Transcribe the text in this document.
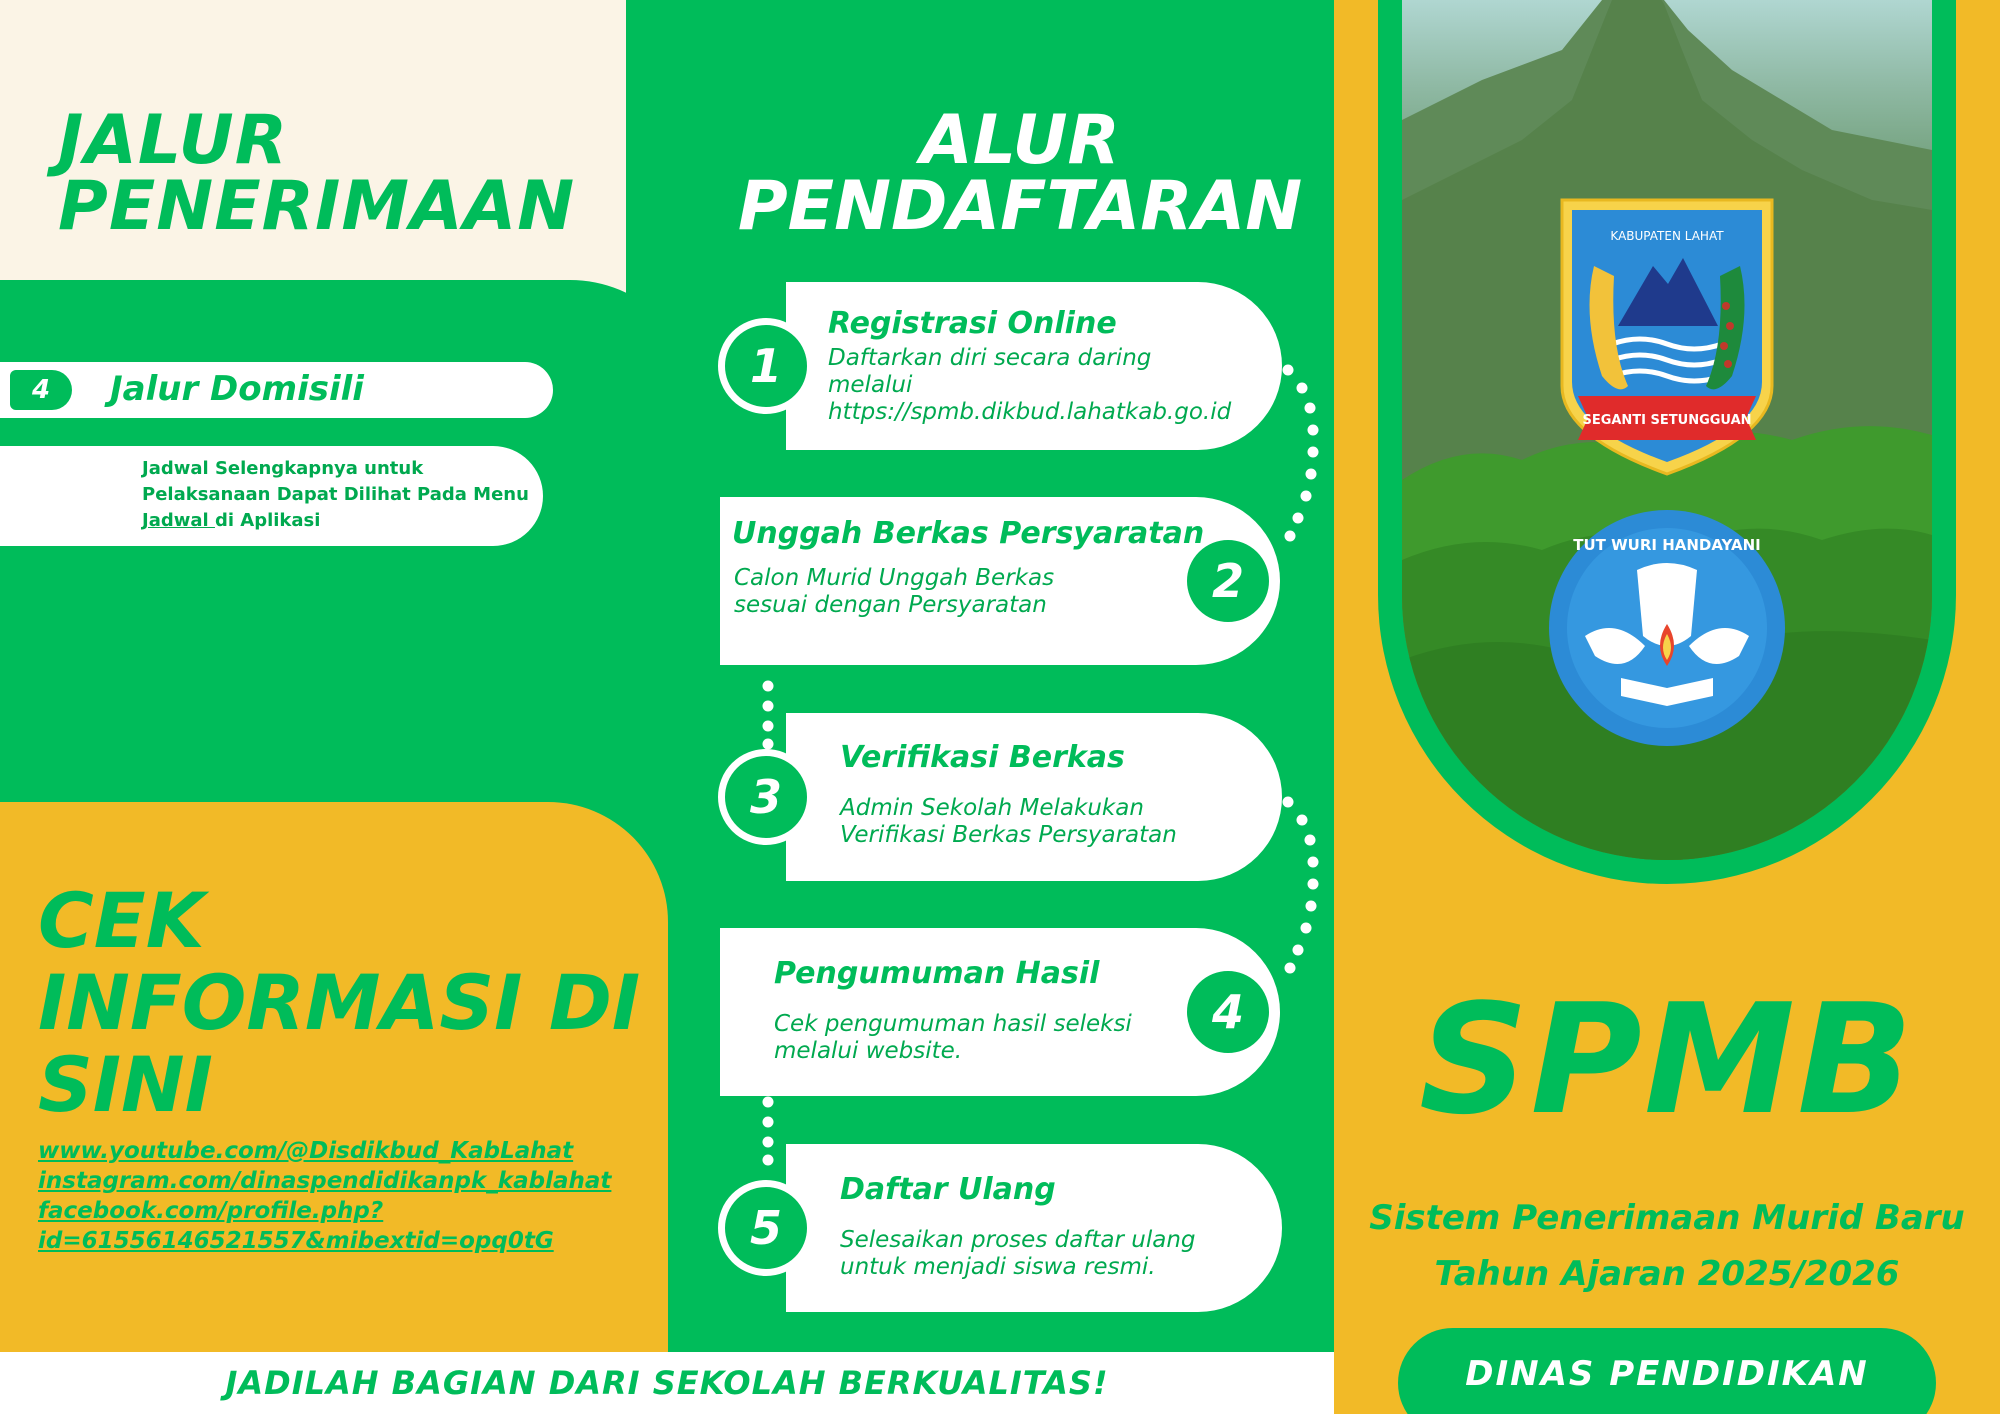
JALUR
PENERIMAAN
4	Jalur Domisili
Jadwal Selengkapnya untuk Pelaksanaan Dapat Dilihat Pada Menu Jadwal di Aplikasi
CEK
INFORMASI DI
SINI
www.youtube.com/@Disdikbud_KabLahat
instagram.com/dinaspendidikanpk_kablahat
facebook.com/profile.php?
id=61556146521557&mibextid=opq0tG
JADILAH BAGIAN DARI SEKOLAH BERKUALITAS!
ALUR
PENDAFTARAN
1
Registrasi Online
Daftarkan diri secara daring
melalui
https://spmb.dikbud.lahatkab.go.id
2
Unggah Berkas Persyaratan
Calon Murid Unggah Berkas
sesuai dengan Persyaratan
3
Verifikasi Berkas
Admin Sekolah Melakukan
Verifikasi Berkas Persyaratan
4
Pengumuman Hasil
Cek pengumuman hasil seleksi
melalui website.
5
Daftar Ulang
Selesaikan proses daftar ulang
untuk menjadi siswa resmi.
SEGANTI SETUNGGUAN
KABUPATEN LAHAT
TUT WURI HANDAYANI
SPMB
Sistem Penerimaan Murid Baru
Tahun Ajaran 2025/2026
DINAS PENDIDIKAN
